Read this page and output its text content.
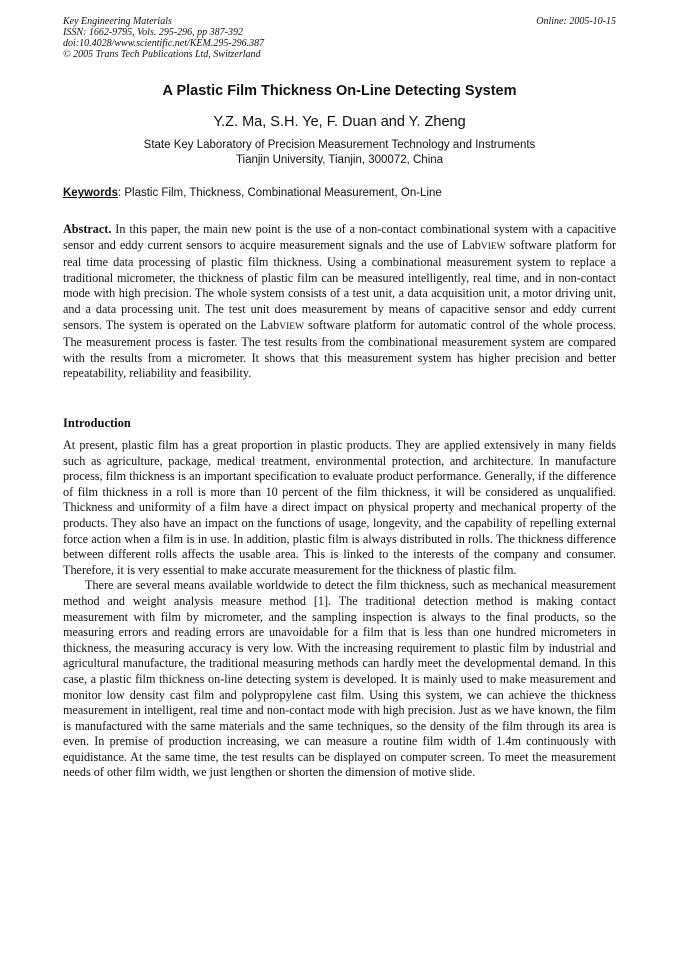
Key Engineering Materials
ISSN: 1662-9795, Vols. 295-296, pp 387-392
doi:10.4028/www.scientific.net/KEM.295-296.387
© 2005 Trans Tech Publications Ltd, Switzerland
Online: 2005-10-15
A Plastic Film Thickness On-Line Detecting System
Y.Z. Ma, S.H. Ye, F. Duan and Y. Zheng
State Key Laboratory of Precision Measurement Technology and Instruments
Tianjin University, Tianjin, 300072, China
Keywords: Plastic Film, Thickness, Combinational Measurement, On-Line
Abstract. In this paper, the main new point is the use of a non-contact combinational system with a capacitive sensor and eddy current sensors to acquire measurement signals and the use of LabVIEW software platform for real time data processing of plastic film thickness. Using a combinational measurement system to replace a traditional micrometer, the thickness of plastic film can be measured intelligently, real time, and in non-contact mode with high precision. The whole system consists of a test unit, a data acquisition unit, a motor driving unit, and a data processing unit. The test unit does measurement by means of capacitive sensor and eddy current sensors. The system is operated on the LabVIEW software platform for automatic control of the whole process. The measurement process is faster. The test results from the combinational measurement system are compared with the results from a micrometer. It shows that this measurement system has higher precision and better repeatability, reliability and feasibility.
Introduction

At present, plastic film has a great proportion in plastic products. They are applied extensively in many fields such as agriculture, package, medical treatment, environmental protection, and architecture. In manufacture process, film thickness is an important specification to evaluate product performance. Generally, if the difference of film thickness in a roll is more than 10 percent of the film thickness, it will be considered as unqualified. Thickness and uniformity of a film have a direct impact on physical property and mechanical property of the products. They also have an impact on the functions of usage, longevity, and the capability of repelling external force action when a film is in use. In addition, plastic film is always distributed in rolls. The thickness difference between different rolls affects the usable area. This is linked to the interests of the company and consumer. Therefore, it is very essential to make accurate measurement for the thickness of plastic film.

There are several means available worldwide to detect the film thickness, such as mechanical measurement method and weight analysis measure method [1]. The traditional detection method is making contact measurement with film by micrometer, and the sampling inspection is always to the final products, so the measuring errors and reading errors are unavoidable for a film that is less than one hundred micrometers in thickness, the measuring accuracy is very low. With the increasing requirement to plastic film by industrial and agricultural manufacture, the traditional measuring methods can hardly meet the developmental demand. In this case, a plastic film thickness on-line detecting system is developed. It is mainly used to make measurement and monitor low density cast film and polypropylene cast film. Using this system, we can achieve the thickness measurement in intelligent, real time and non-contact mode with high precision. Just as we have known, the film is manufactured with the same materials and the same techniques, so the density of the film through its area is even. In premise of production increasing, we can measure a routine film width of 1.4m continuously with equidistance. At the same time, the test results can be displayed on computer screen. To meet the measurement needs of other film width, we just lengthen or shorten the dimension of motive slide.
